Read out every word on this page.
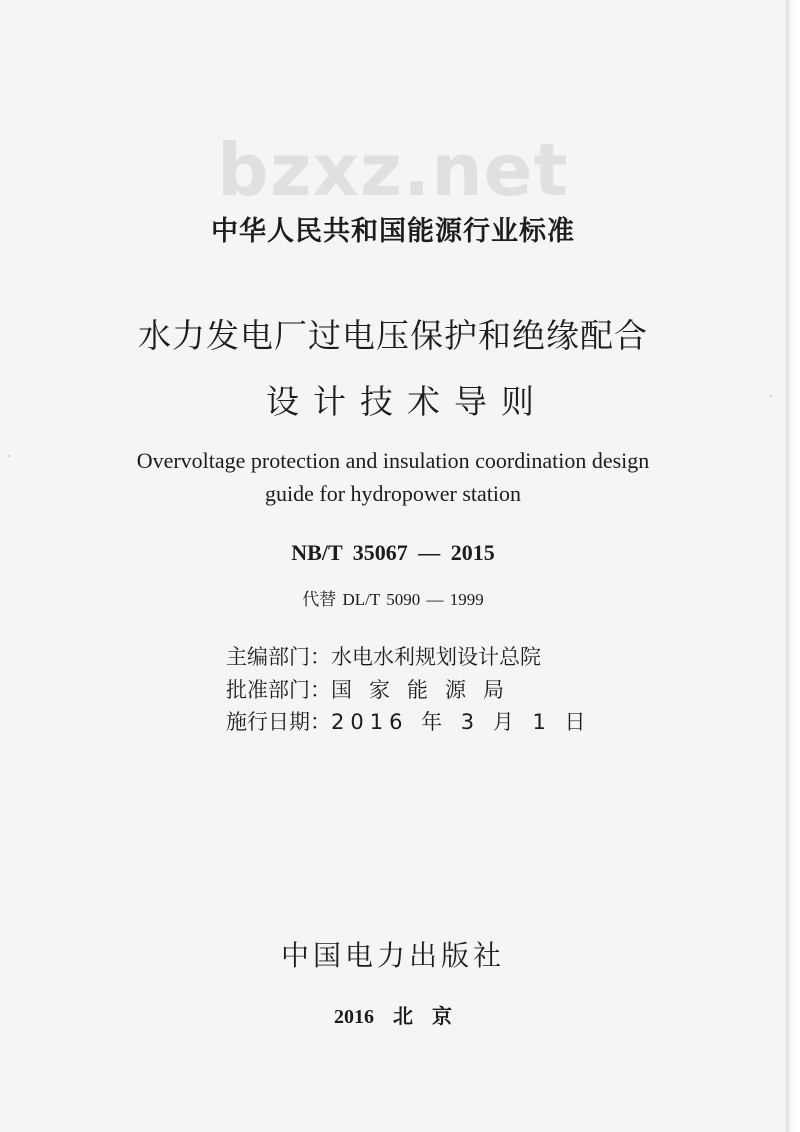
bzxz.net
中华人民共和国能源行业标准
水力发电厂过电压保护和绝缘配合
设计技术导则
Overvoltage protection and insulation coordination design
guide for hydropower station
NB/T 35067 — 2015
代替 DL/T 5090 — 1999
主编部门：水电水利规划设计总院
批准部门：国家能源局
施行日期：2016 年 3 月 1 日
中国电力出版社
2016 北 京
